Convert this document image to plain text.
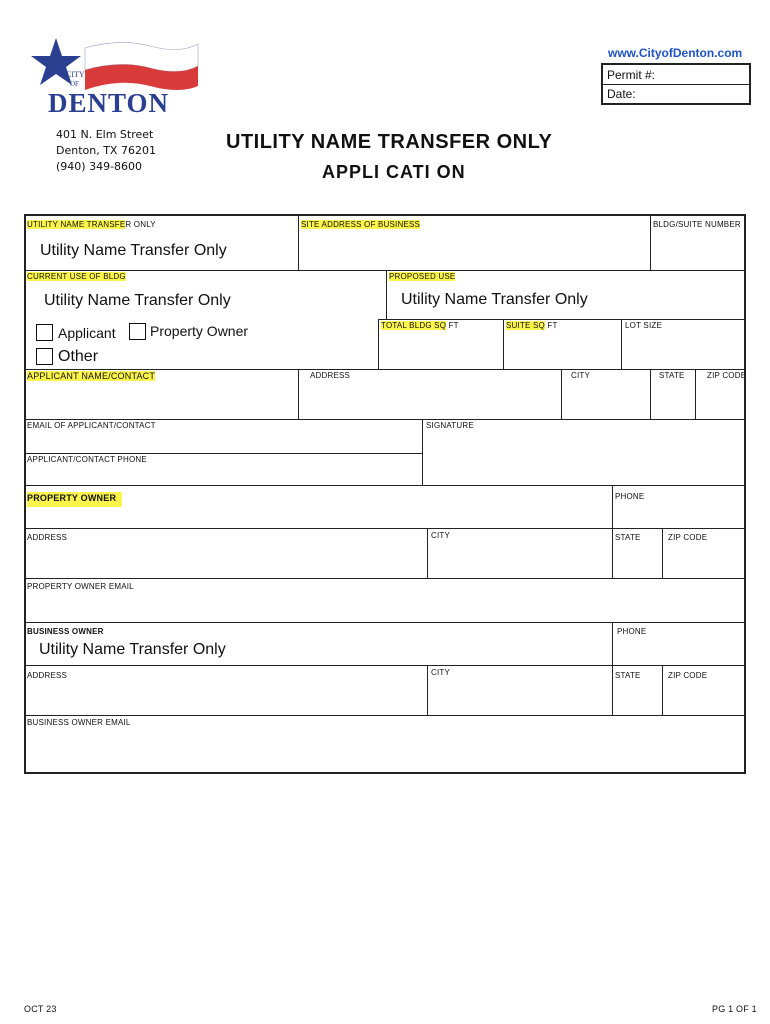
CITY
OF
DENTON
www.CityofDenton.com
Permit #:
Date:
401 N. Elm Street
Denton, TX 76201
(940) 349-8600
UTILITY NAME TRANSFER ONLY
APPLI CATI ON
UTILITY NAME TRANSFER ONLY
Utility Name Transfer Only
SITE ADDRESS OF BUSINESS	BLDG/SUITE NUMBER
CURRENT USE OF BLDG
Utility Name Transfer Only
PROPOSED USE
Utility Name Transfer Only
Applicant Property Owner
Other
TOTAL BLDG SQ FT	SUITE SQ FT	LOT SIZE
APPLICANT NAME/CONTACT	ADDRESS	CITY	STATE	ZIP CODE
EMAIL OF APPLICANT/CONTACT	SIGNATURE
APPLICANT/CONTACT PHONE
PROPERTY OWNER	PHONE
ADDRESS	CITY	STATE	ZIP CODE
PROPERTY OWNER EMAIL
BUSINESS OWNER
Utility Name Transfer Only
PHONE
ADDRESS	CITY	STATE	ZIP CODE
BUSINESS OWNER EMAIL
OCT 23	PG 1 OF 1
